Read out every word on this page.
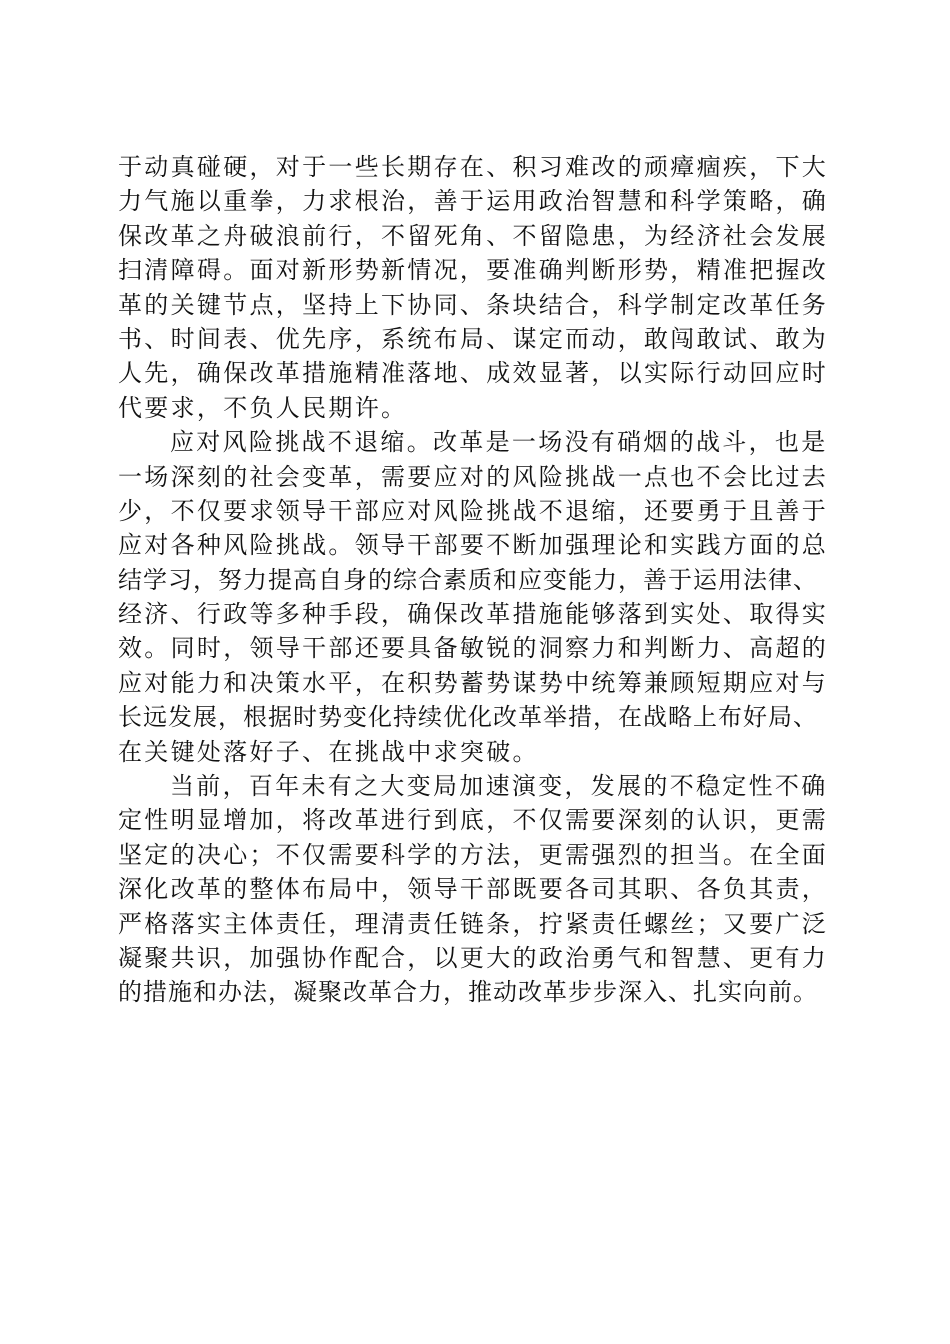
于动真碰硬，对于一些长期存在、积习难改的顽瘴痼疾，下大
力气施以重拳，力求根治，善于运用政治智慧和科学策略，确
保改革之舟破浪前行，不留死角、不留隐患，为经济社会发展
扫清障碍。面对新形势新情况，要准确判断形势，精准把握改
革的关键节点，坚持上下协同、条块结合，科学制定改革任务
书、时间表、优先序，系统布局、谋定而动，敢闯敢试、敢为
人先，确保改革措施精准落地、成效显著，以实际行动回应时
代要求，不负人民期许。
应对风险挑战不退缩。改革是一场没有硝烟的战斗，也是
一场深刻的社会变革，需要应对的风险挑战一点也不会比过去
少，不仅要求领导干部应对风险挑战不退缩，还要勇于且善于
应对各种风险挑战。领导干部要不断加强理论和实践方面的总
结学习，努力提高自身的综合素质和应变能力，善于运用法律、
经济、行政等多种手段，确保改革措施能够落到实处、取得实
效。同时，领导干部还要具备敏锐的洞察力和判断力、高超的
应对能力和决策水平，在积势蓄势谋势中统筹兼顾短期应对与
长远发展，根据时势变化持续优化改革举措，在战略上布好局、
在关键处落好子、在挑战中求突破。
当前，百年未有之大变局加速演变，发展的不稳定性不确
定性明显增加，将改革进行到底，不仅需要深刻的认识，更需
坚定的决心；不仅需要科学的方法，更需强烈的担当。在全面
深化改革的整体布局中，领导干部既要各司其职、各负其责，
严格落实主体责任，理清责任链条，拧紧责任螺丝；又要广泛
凝聚共识，加强协作配合，以更大的政治勇气和智慧、更有力
的措施和办法，凝聚改革合力，推动改革步步深入、扎实向前。
